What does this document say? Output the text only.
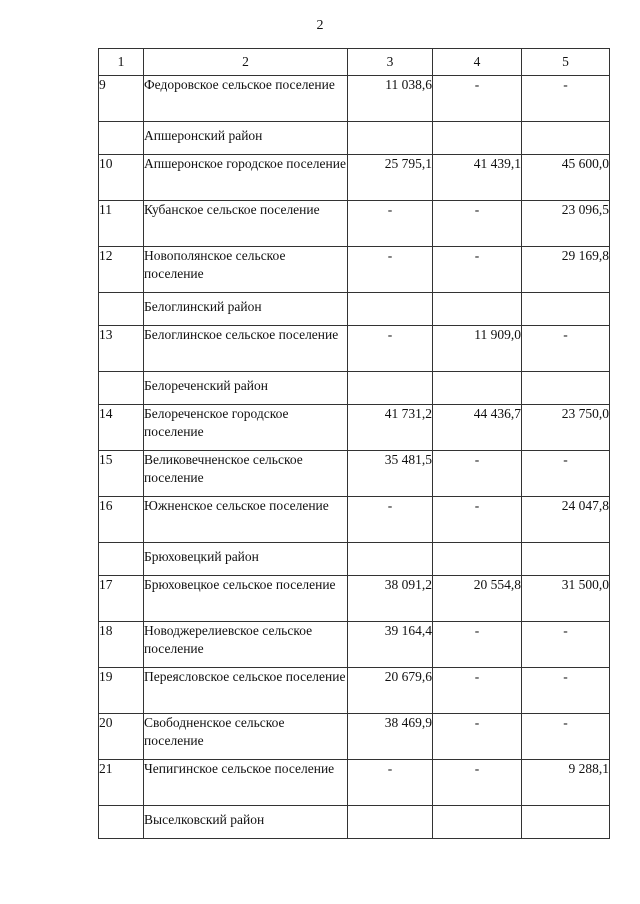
2
1	2	3	4	5
9	Федоровское сельское поселение	11 038,6	-	-
	Апшеронский район			
10	Апшеронское городское поселение	25 795,1	41 439,1	45 600,0
11	Кубанское сельское поселение	-	-	23 096,5
12	Новополянское сельское поселение	-	-	29 169,8
	Белоглинский район			
13	Белоглинское сельское поселение	-	11 909,0	-
	Белореченский район			
14	Белореченское городское поселение	41 731,2	44 436,7	23 750,0
15	Великовечненское сельское поселение	35 481,5	-	-
16	Южненское сельское поселение	-	-	24 047,8
	Брюховецкий район			
17	Брюховецкое сельское поселение	38 091,2	20 554,8	31 500,0
18	Новоджерелиевское сельское поселение	39 164,4	-	-
19	Переясловское сельское поселение	20 679,6	-	-
20	Свободненское сельское поселение	38 469,9	-	-
21	Чепигинское сельское поселение	-	-	9 288,1
	Выселковский район			
